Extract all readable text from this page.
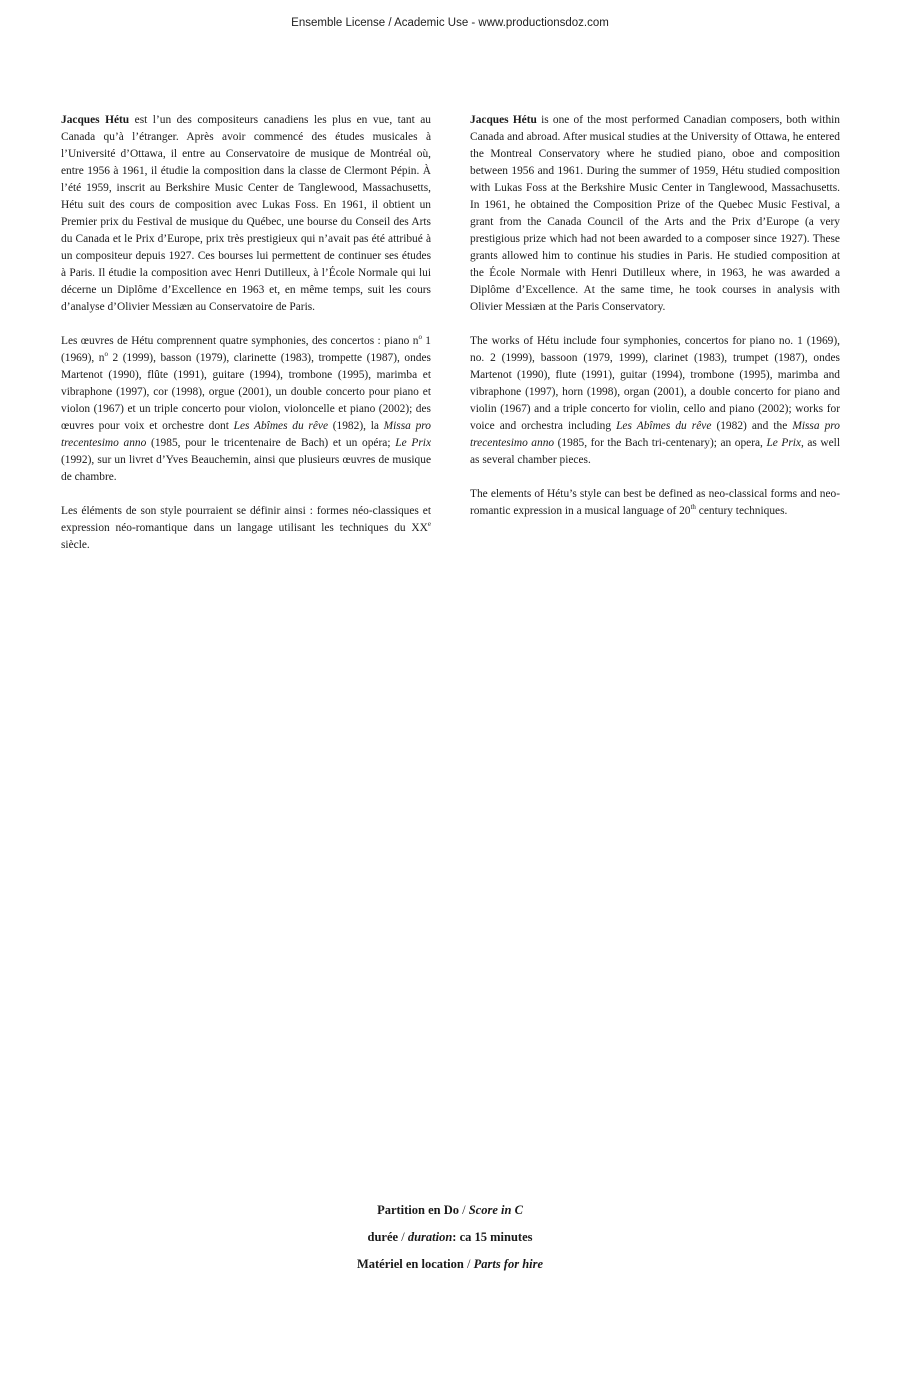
Ensemble License / Academic Use - www.productionsdoz.com

Jacques Hétu est l’un des compositeurs canadiens les plus en vue, tant au Canada qu’à l’étranger. Après avoir commencé des études musicales à l’Université d’Ottawa, il entre au Conservatoire de musique de Montréal où, entre 1956 à 1961, il étudie la composition dans la classe de Clermont Pépin. À l’été 1959, inscrit au Berkshire Music Center de Tanglewood, Massachusetts, Hétu suit des cours de composition avec Lukas Foss. En 1961, il obtient un Premier prix du Festival de musique du Québec, une bourse du Conseil des Arts du Canada et le Prix d’Europe, prix très prestigieux qui n’avait pas été attribué à un compositeur depuis 1927. Ces bourses lui permettent de continuer ses études à Paris. Il étudie la composition avec Henri Dutilleux, à l’École Normale qui lui décerne un Diplôme d’Excellence en 1963 et, en même temps, suit les cours d’analyse d’Olivier Messiæn au Conservatoire de Paris.

Les œuvres de Hétu comprennent quatre symphonies, des concertos : piano $n^o$ 1 (1969), $n^o$ 2 (1999), basson (1979), clarinette (1983), trompette (1987), ondes Martenot (1990), flûte (1991), guitare (1994), trombone (1995), marimba et vibraphone (1997), cor (1998), orgue (2001), un double concerto pour piano et violon (1967) et un triple concerto pour violon, violoncelle et piano (2002); des œuvres pour voix et orchestre dont Les Abîmes du rêve (1982), la Missa pro trecentesimo anno (1985, pour le tricentenaire de Bach) et un opéra; Le Prix (1992), sur un livret d’Yves Beauchemin, ainsi que plusieurs œuvres de musique de chambre.

Les éléments de son style pourraient se définir ainsi : formes néo-classiques et expression néo-romantique dans un langage utilisant les techniques du XXe siècle.

Jacques Hétu is one of the most performed Canadian composers, both within Canada and abroad. After musical studies at the University of Ottawa, he entered the Montreal Conservatory where he studied piano, oboe and composition between 1956 and 1961. During the summer of 1959, Hétu studied composition with Lukas Foss at the Berkshire Music Center in Tanglewood, Massachusetts. In 1961, he obtained the Composition Prize of the Quebec Music Festival, a grant from the Canada Council of the Arts and the Prix d’Europe (a very prestigious prize which had not been awarded to a composer since 1927). These grants allowed him to continue his studies in Paris. He studied composition at the École Normale with Henri Dutilleux where, in 1963, he was awarded a Diplôme d’Excellence. At the same time, he took courses in analysis with Olivier Messiæn at the Paris Conservatory.

The works of Hétu include four symphonies, concertos for piano no. 1 (1969), no. 2 (1999), bassoon (1979, 1999), clarinet (1983), trumpet (1987), ondes Martenot (1990), flute (1991), guitar (1994), trombone (1995), marimba and vibraphone (1997), horn (1998), organ (2001), a double concerto for piano and violin (1967) and a triple concerto for violin, cello and piano (2002); works for voice and orchestra including Les Abîmes du rêve (1982) and the Missa pro trecentesimo anno (1985, for the Bach tri-centenary); an opera, Le Prix, as well as several chamber pieces.

The elements of Hétu’s style can best be defined as neo-classical forms and neo-romantic expression in a musical language of 20th century techniques.

Partition en Do / Score in C
durée / duration: ca 15 minutes
Matériel en location / Parts for hire
